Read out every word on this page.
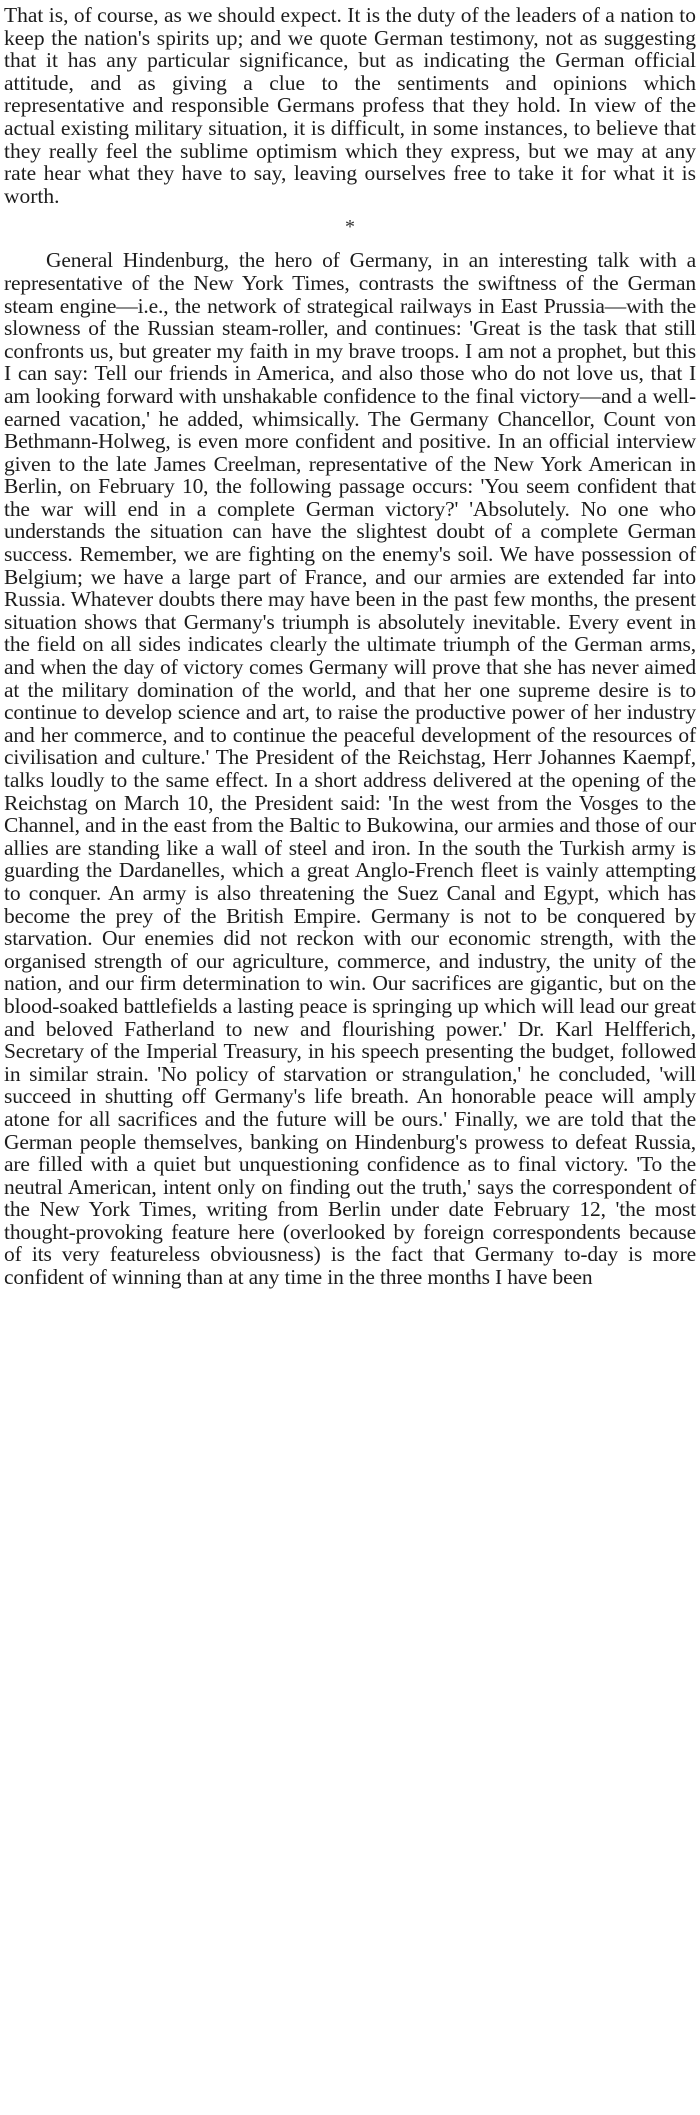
That is, of course, as we should expect. It is the duty of the leaders of a nation to keep the nation's spirits up; and we quote German testimony, not as suggesting that it has any particular significance, but as indicating the German official attitude, and as giving a clue to the sentiments and opinions which representative and responsible Germans profess that they hold. In view of the actual existing military situation, it is difficult, in some instances, to believe that they really feel the sublime optimism which they express, but we may at any rate hear what they have to say, leaving ourselves free to take it for what it is worth.

*

General Hindenburg, the hero of Germany, in an interesting talk with a representative of the New York Times, contrasts the swiftness of the German steam engine—i.e., the network of strategical railways in East Prussia—with the slowness of the Russian steam-roller, and continues: 'Great is the task that still confronts us, but greater my faith in my brave troops. I am not a prophet, but this I can say: Tell our friends in America, and also those who do not love us, that I am looking forward with unshakable confidence to the final victory—and a well-earned vacation,' he added, whimsically. The Germany Chancellor, Count von Bethmann-Holweg, is even more confident and positive. In an official interview given to the late James Creelman, representative of the New York American in Berlin, on February 10, the following passage occurs: 'You seem confident that the war will end in a complete German victory?' 'Absolutely. No one who understands the situation can have the slightest doubt of a complete German success. Remember, we are fighting on the enemy's soil. We have possession of Belgium; we have a large part of France, and our armies are extended far into Russia. Whatever doubts there may have been in the past few months, the present situation shows that Germany's triumph is absolutely inevitable. Every event in the field on all sides indicates clearly the ultimate triumph of the German arms, and when the day of victory comes Germany will prove that she has never aimed at the military domination of the world, and that her one supreme desire is to continue to develop science and art, to raise the productive power of her industry and her commerce, and to continue the peaceful development of the resources of civilisation and culture.' The President of the Reichstag, Herr Johannes Kaempf, talks loudly to the same effect. In a short address delivered at the opening of the Reichstag on March 10, the President said: 'In the west from the Vosges to the Channel, and in the east from the Baltic to Bukowina, our armies and those of our allies are standing like a wall of steel and iron. In the south the Turkish army is guarding the Dardanelles, which a great Anglo-French fleet is vainly attempting to conquer. An army is also threatening the Suez Canal and Egypt, which has become the prey of the British Empire. Germany is not to be conquered by starvation. Our enemies did not reckon with our economic strength, with the organised strength of our agriculture, commerce, and industry, the unity of the nation, and our firm determination to win. Our sacrifices are gigantic, but on the blood-soaked battlefields a lasting peace is springing up which will lead our great and beloved Fatherland to new and flourishing power.' Dr. Karl Helfferich, Secretary of the Imperial Treasury, in his speech presenting the budget, followed in similar strain. 'No policy of starvation or strangulation,' he concluded, 'will succeed in shutting off Germany's life breath. An honorable peace will amply atone for all sacrifices and the future will be ours.' Finally, we are told that the German people themselves, banking on Hindenburg's prowess to defeat Russia, are filled with a quiet but unquestioning confidence as to final victory. 'To the neutral American, intent only on finding out the truth,' says the correspondent of the New York Times, writing from Berlin under date February 12, 'the most thought-provoking feature here (overlooked by foreign correspondents because of its very featureless obviousness) is the fact that Germany to-day is more confident of winning than at any time in the three months I have been
